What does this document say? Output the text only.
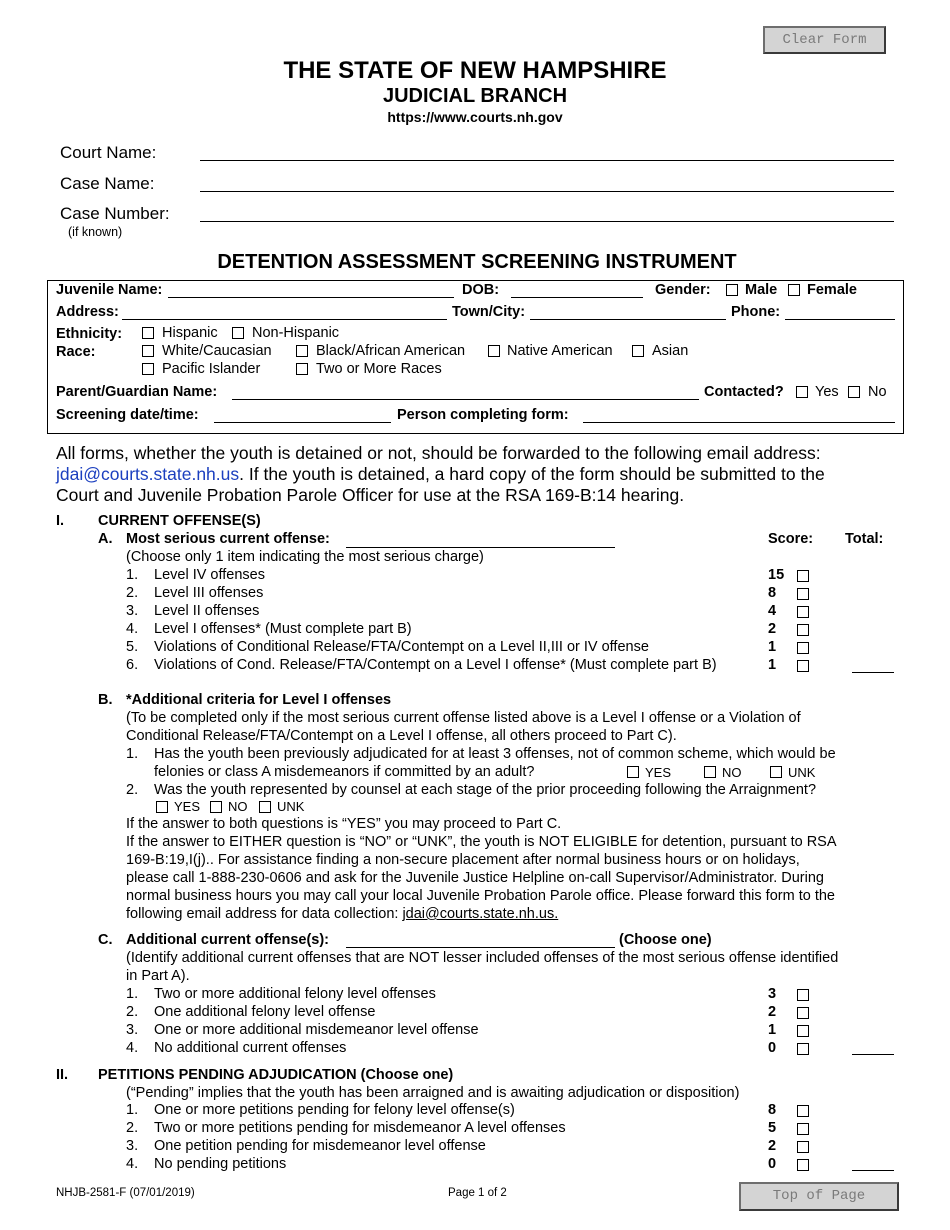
Clear Form
THE STATE OF NEW HAMPSHIRE
JUDICIAL BRANCH
https://www.courts.nh.gov
Court Name:
Case Name:
Case Number:
(if known)
DETENTION ASSESSMENT SCREENING INSTRUMENT
Juvenile Name:	DOB:	Gender: Male Female
Address:	Town/City:	Phone:
Ethnicity:	Hispanic Non-Hispanic
Race:	White/Caucasian	Black/African American	Native American	Asian
Pacific Islander	Two or More Races
Parent/Guardian Name:	Contacted? Yes No
Screening date/time:	Person completing form:
All forms, whether the youth is detained or not, should be forwarded to the following email address:
jdai@courts.state.nh.us. If the youth is detained, a hard copy of the form should be submitted to the
Court and Juvenile Probation Parole Officer for use at the RSA 169-B:14 hearing.
I. CURRENT OFFENSE(S)
A. Most serious current offense:	Score: Total:
(Choose only 1 item indicating the most serious charge)
1. Level IV offenses	15
2. Level III offenses	8
3. Level II offenses	4
4. Level I offenses* (Must complete part B)	2
5. Violations of Conditional Release/FTA/Contempt on a Level II,III or IV offense	1
6. Violations of Cond. Release/FTA/Contempt on a Level I offense* (Must complete part B)	1
B. *Additional criteria for Level I offenses
(To be completed only if the most serious current offense listed above is a Level I offense or a Violation of
Conditional Release/FTA/Contempt on a Level I offense, all others proceed to Part C).
1. Has the youth been previously adjudicated for at least 3 offenses, not of common scheme, which would be
felonies or class A misdemeanors if committed by an adult?	YES	NO	UNK
2. Was the youth represented by counsel at each stage of the prior proceeding following the Arraignment?
YES NO UNK
If the answer to both questions is “YES” you may proceed to Part C.
If the answer to EITHER question is “NO” or “UNK”, the youth is NOT ELIGIBLE for detention, pursuant to RSA
169-B:19,I(j).. For assistance finding a non-secure placement after normal business hours or on holidays,
please call 1-888-230-0606 and ask for the Juvenile Justice Helpline on-call Supervisor/Administrator. During
normal business hours you may call your local Juvenile Probation Parole office. Please forward this form to the
following email address for data collection: jdai@courts.state.nh.us.
C. Additional current offense(s):	(Choose one)
(Identify additional current offenses that are NOT lesser included offenses of the most serious offense identified
in Part A).
1. Two or more additional felony level offenses	3
2. One additional felony level offense	2
3. One or more additional misdemeanor level offense	1
4. No additional current offenses	0
II. PETITIONS PENDING ADJUDICATION (Choose one)
(“Pending” implies that the youth has been arraigned and is awaiting adjudication or disposition)
1. One or more petitions pending for felony level offense(s)	8
2. Two or more petitions pending for misdemeanor A level offenses	5
3. One petition pending for misdemeanor level offense	2
4. No pending petitions	0
NHJB-2581-F (07/01/2019)	Page 1 of 2	Top of Page
